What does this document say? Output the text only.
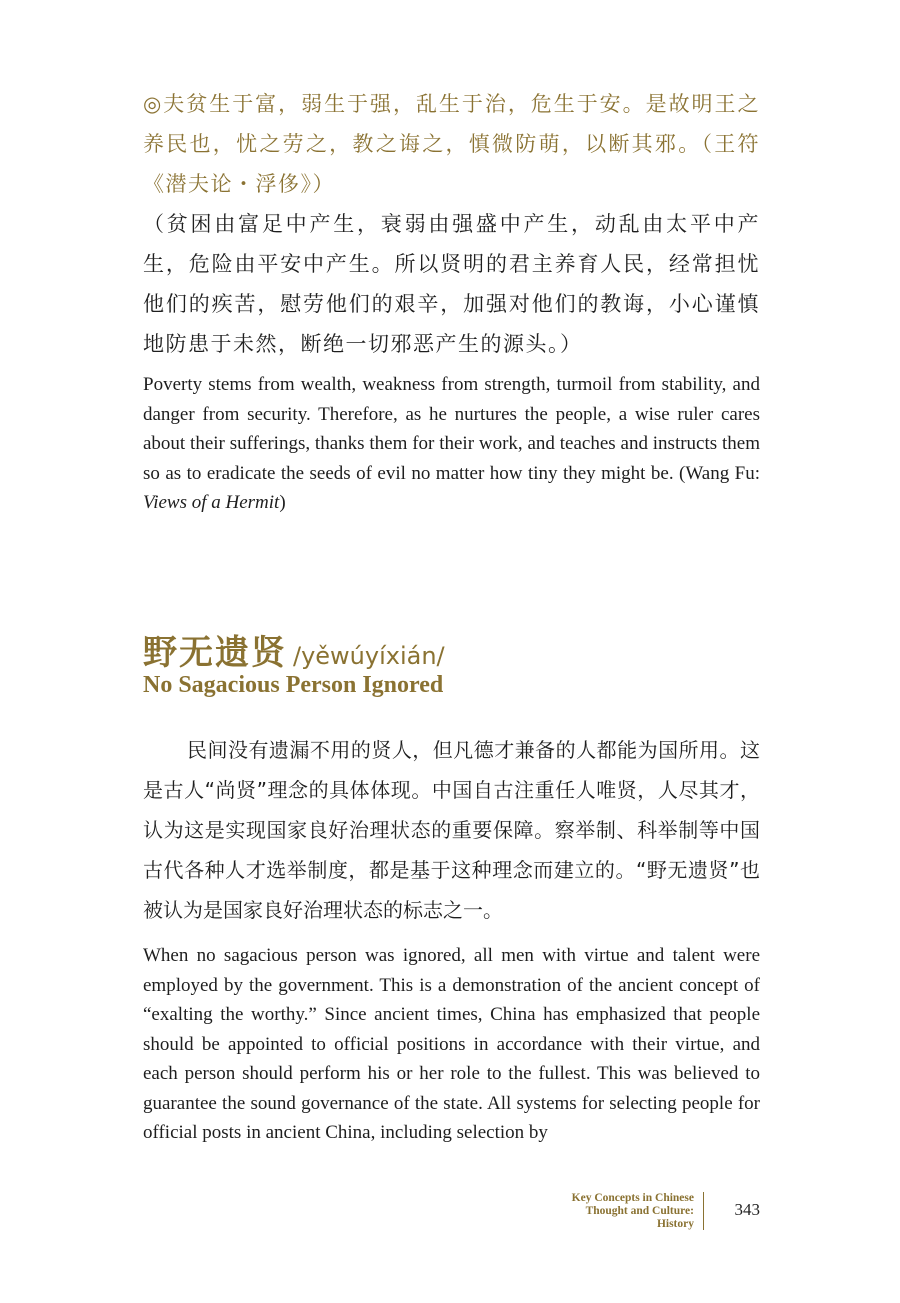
◎夫贫生于富，弱生于强，乱生于治，危生于安。是故明王之养民也，忧之劳之，教之诲之，慎微防萌，以断其邪。（王符《潜夫论・浮侈》）

（贫困由富足中产生，衰弱由强盛中产生，动乱由太平中产生，危险由平安中产生。所以贤明的君主养育人民，经常担忧他们的疾苦，慰劳他们的艰辛，加强对他们的教诲，小心谨慎地防患于未然，断绝一切邪恶产生的源头。）

Poverty stems from wealth, weakness from strength, turmoil from stability, and danger from security. Therefore, as he nurtures the people, a wise ruler cares about their sufferings, thanks them for their work, and teaches and instructs them so as to eradicate the seeds of evil no matter how tiny they might be. (Wang Fu: Views of a Hermit)

野无遗贤 /yěwúyíxián/
No Sagacious Person Ignored

民间没有遗漏不用的贤人，但凡德才兼备的人都能为国所用。这是古人“尚贤”理念的具体体现。中国自古注重任人唯贤，人尽其才，认为这是实现国家良好治理状态的重要保障。察举制、科举制等中国古代各种人才选举制度，都是基于这种理念而建立的。“野无遗贤”也被认为是国家良好治理状态的标志之一。

When no sagacious person was ignored, all men with virtue and talent were employed by the government. This is a demonstration of the ancient concept of “exalting the worthy.” Since ancient times, China has emphasized that people should be appointed to official positions in accordance with their virtue, and each person should perform his or her role to the fullest. This was believed to guarantee the sound governance of the state. All systems for selecting people for official posts in ancient China, including selection by

Key Concepts in Chinese
Thought and Culture:
History
343
